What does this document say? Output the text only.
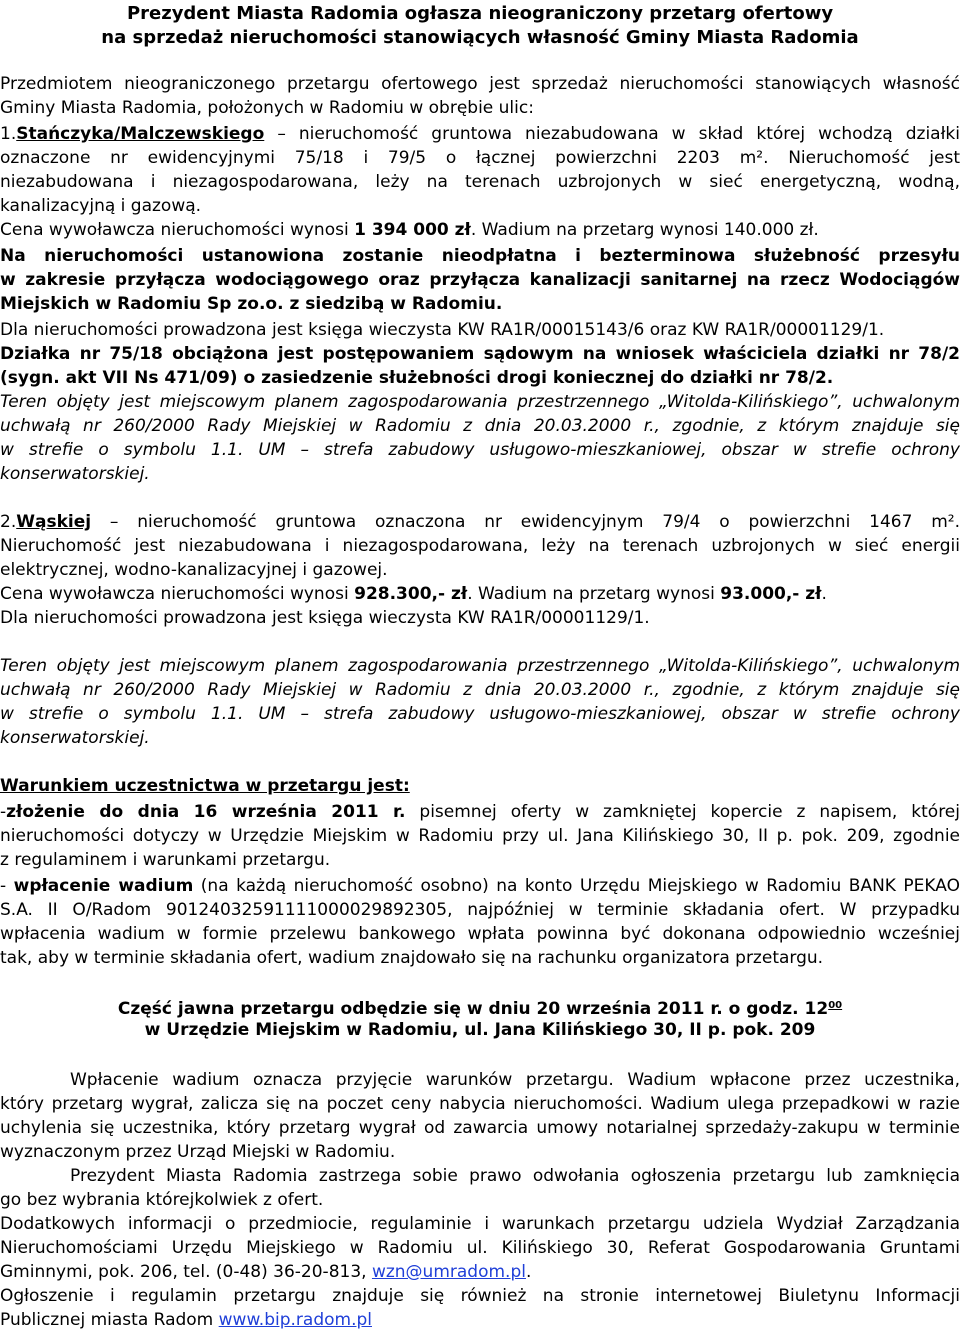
Prezydent Miasta Radomia ogłasza nieograniczony przetarg ofertowy
na sprzedaż nieruchomości stanowiących własność Gminy Miasta Radomia
Przedmiotem nieograniczonego przetargu ofertowego jest sprzedaż nieruchomości stanowiących własność
Gminy Miasta Radomia, położonych w Radomiu w obrębie ulic:
1.Stańczyka/Malczewskiego – nieruchomość gruntowa niezabudowana w skład której wchodzą działki
oznaczone nr ewidencyjnymi 75/18 i 79/5 o łącznej powierzchni 2203 m². Nieruchomość jest
niezabudowana i niezagospodarowana, leży na terenach uzbrojonych w sieć energetyczną, wodną,
kanalizacyjną i gazową.
Cena wywoławcza nieruchomości wynosi 1 394 000 zł. Wadium na przetarg wynosi 140.000 zł.
Na nieruchomości ustanowiona zostanie nieodpłatna i bezterminowa służebność przesyłu
w zakresie przyłącza wodociągowego oraz przyłącza kanalizacji sanitarnej na rzecz Wodociągów
Miejskich w Radomiu Sp zo.o. z siedzibą w Radomiu.
Dla nieruchomości prowadzona jest księga wieczysta KW RA1R/00015143/6 oraz KW RA1R/00001129/1.
Działka nr 75/18 obciążona jest postępowaniem sądowym na wniosek właściciela działki nr 78/2
(sygn. akt VII Ns 471/09) o zasiedzenie służebności drogi koniecznej do działki nr 78/2.
Teren objęty jest miejscowym planem zagospodarowania przestrzennego „Witolda-Kilińskiego”, uchwalonym
uchwałą nr 260/2000 Rady Miejskiej w Radomiu z dnia 20.03.2000 r., zgodnie, z którym znajduje się
w strefie o symbolu 1.1. UM – strefa zabudowy usługowo-mieszkaniowej, obszar w strefie ochrony
konserwatorskiej.
2.Wąskiej – nieruchomość gruntowa oznaczona nr ewidencyjnym 79/4 o powierzchni 1467 m².
Nieruchomość jest niezabudowana i niezagospodarowana, leży na terenach uzbrojonych w sieć energii
elektrycznej, wodno-kanalizacyjnej i gazowej.
Cena wywoławcza nieruchomości wynosi 928.300,- zł. Wadium na przetarg wynosi 93.000,- zł.
Dla nieruchomości prowadzona jest księga wieczysta KW RA1R/00001129/1.
Teren objęty jest miejscowym planem zagospodarowania przestrzennego „Witolda-Kilińskiego”, uchwalonym
uchwałą nr 260/2000 Rady Miejskiej w Radomiu z dnia 20.03.2000 r., zgodnie, z którym znajduje się
w strefie o symbolu 1.1. UM – strefa zabudowy usługowo-mieszkaniowej, obszar w strefie ochrony
konserwatorskiej.
Warunkiem uczestnictwa w przetargu jest:
-złożenie do dnia 16 września 2011 r. pisemnej oferty w zamkniętej kopercie z napisem, której
nieruchomości dotyczy w Urzędzie Miejskim w Radomiu przy ul. Jana Kilińskiego 30, II p. pok. 209, zgodnie
z regulaminem i warunkami przetargu.
- wpłacenie wadium (na każdą nieruchomość osobno) na konto Urzędu Miejskiego w Radomiu BANK PEKAO
S.A. II O/Radom 90124032591111000029892305, najpóźniej w terminie składania ofert. W przypadku
wpłacenia wadium w formie przelewu bankowego wpłata powinna być dokonana odpowiednio wcześniej
tak, aby w terminie składania ofert, wadium znajdowało się na rachunku organizatora przetargu.
Część jawna przetargu odbędzie się w dniu 20 września 2011 r. o godz. $12^{00}$
w Urzędzie Miejskim w Radomiu, ul. Jana Kilińskiego 30, II p. pok. 209
Wpłacenie wadium oznacza przyjęcie warunków przetargu. Wadium wpłacone przez uczestnika,
który przetarg wygrał, zalicza się na poczet ceny nabycia nieruchomości. Wadium ulega przepadkowi w razie
uchylenia się uczestnika, który przetarg wygrał od zawarcia umowy notarialnej sprzedaży-zakupu w terminie
wyznaczonym przez Urząd Miejski w Radomiu.
Prezydent Miasta Radomia zastrzega sobie prawo odwołania ogłoszenia przetargu lub zamknięcia
go bez wybrania którejkolwiek z ofert.
Dodatkowych informacji o przedmiocie, regulaminie i warunkach przetargu udziela Wydział Zarządzania
Nieruchomościami Urzędu Miejskiego w Radomiu ul. Kilińskiego 30, Referat Gospodarowania Gruntami
Gminnymi, pok. 206, tel. (0-48) 36-20-813, wzn@umradom.pl.
Ogłoszenie i regulamin przetargu znajduje się również na stronie internetowej Biuletynu Informacji
Publicznej miasta Radom www.bip.radom.pl
